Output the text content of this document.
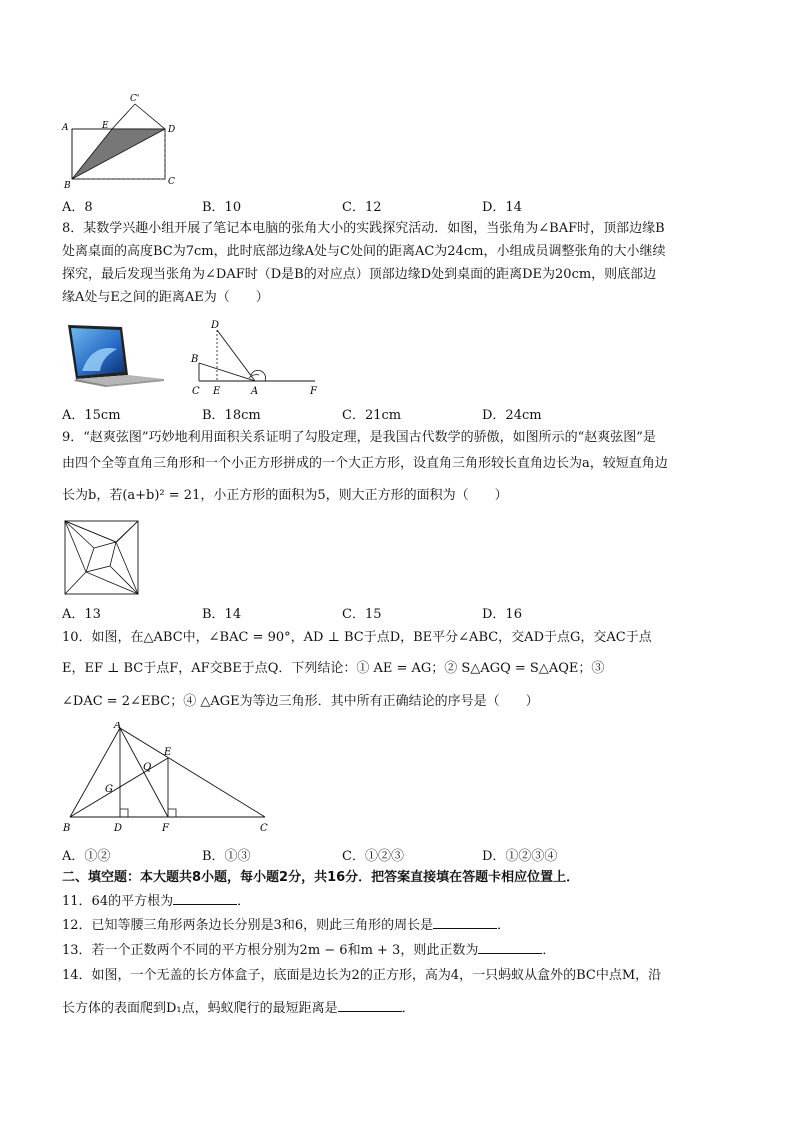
C'
A	E	D
B	C
A．8	B．10	C．12	D．14
8．某数学兴趣小组开展了笔记本电脑的张角大小的实践探究活动．如图，当张角为∠BAF时，顶部边缘B
处离桌面的高度BC为7cm，此时底部边缘A处与C处间的距离AC为24cm，小组成员调整张角的大小继续
探究，最后发现当张角为∠DAF时（D是B的对应点）顶部边缘D处到桌面的距离DE为20cm，则底部边
缘A处与E之间的距离AE为（　　）
D
B
C E	A	F
A．15cm	B．18cm	C．21cm	D．24cm
9．“赵爽弦图”巧妙地利用面积关系证明了勾股定理，是我国古代数学的骄傲，如图所示的“赵爽弦图”是
由四个全等直角三角形和一个小正方形拼成的一个大正方形，设直角三角形较长直角边长为a，较短直角边
长为b，若(a+b)² = 21，小正方形的面积为5，则大正方形的面积为（　　）
A．13	B．14	C．15	D．16
10．如图，在△ABC中，∠BAC = 90°，AD ⊥ BC于点D，BE平分∠ABC，交AD于点G，交AC于点
E，EF ⊥ BC于点F，AF交BE于点Q．下列结论：① AE = AG；② S△AGQ = S△AQE；③
∠DAC = 2∠EBC；④ △AGE为等边三角形．其中所有正确结论的序号是（　　）
A
E
Q
G
B	D	F	C
A．①②	B．①③	C．①②③	D．①②③④
二、填空题：本大题共8小题，每小题2分，共16分．把答案直接填在答题卡相应位置上．
11．64的平方根为	．
12．已知等腰三角形两条边长分别是3和6，则此三角形的周长是	．
13．若一个正数两个不同的平方根分别为2m − 6和m + 3，则此正数为	．
14．如图，一个无盖的长方体盒子，底面是边长为2的正方形，高为4，一只蚂蚁从盒外的BC中点M，沿
长方体的表面爬到D₁点，蚂蚁爬行的最短距离是	．
